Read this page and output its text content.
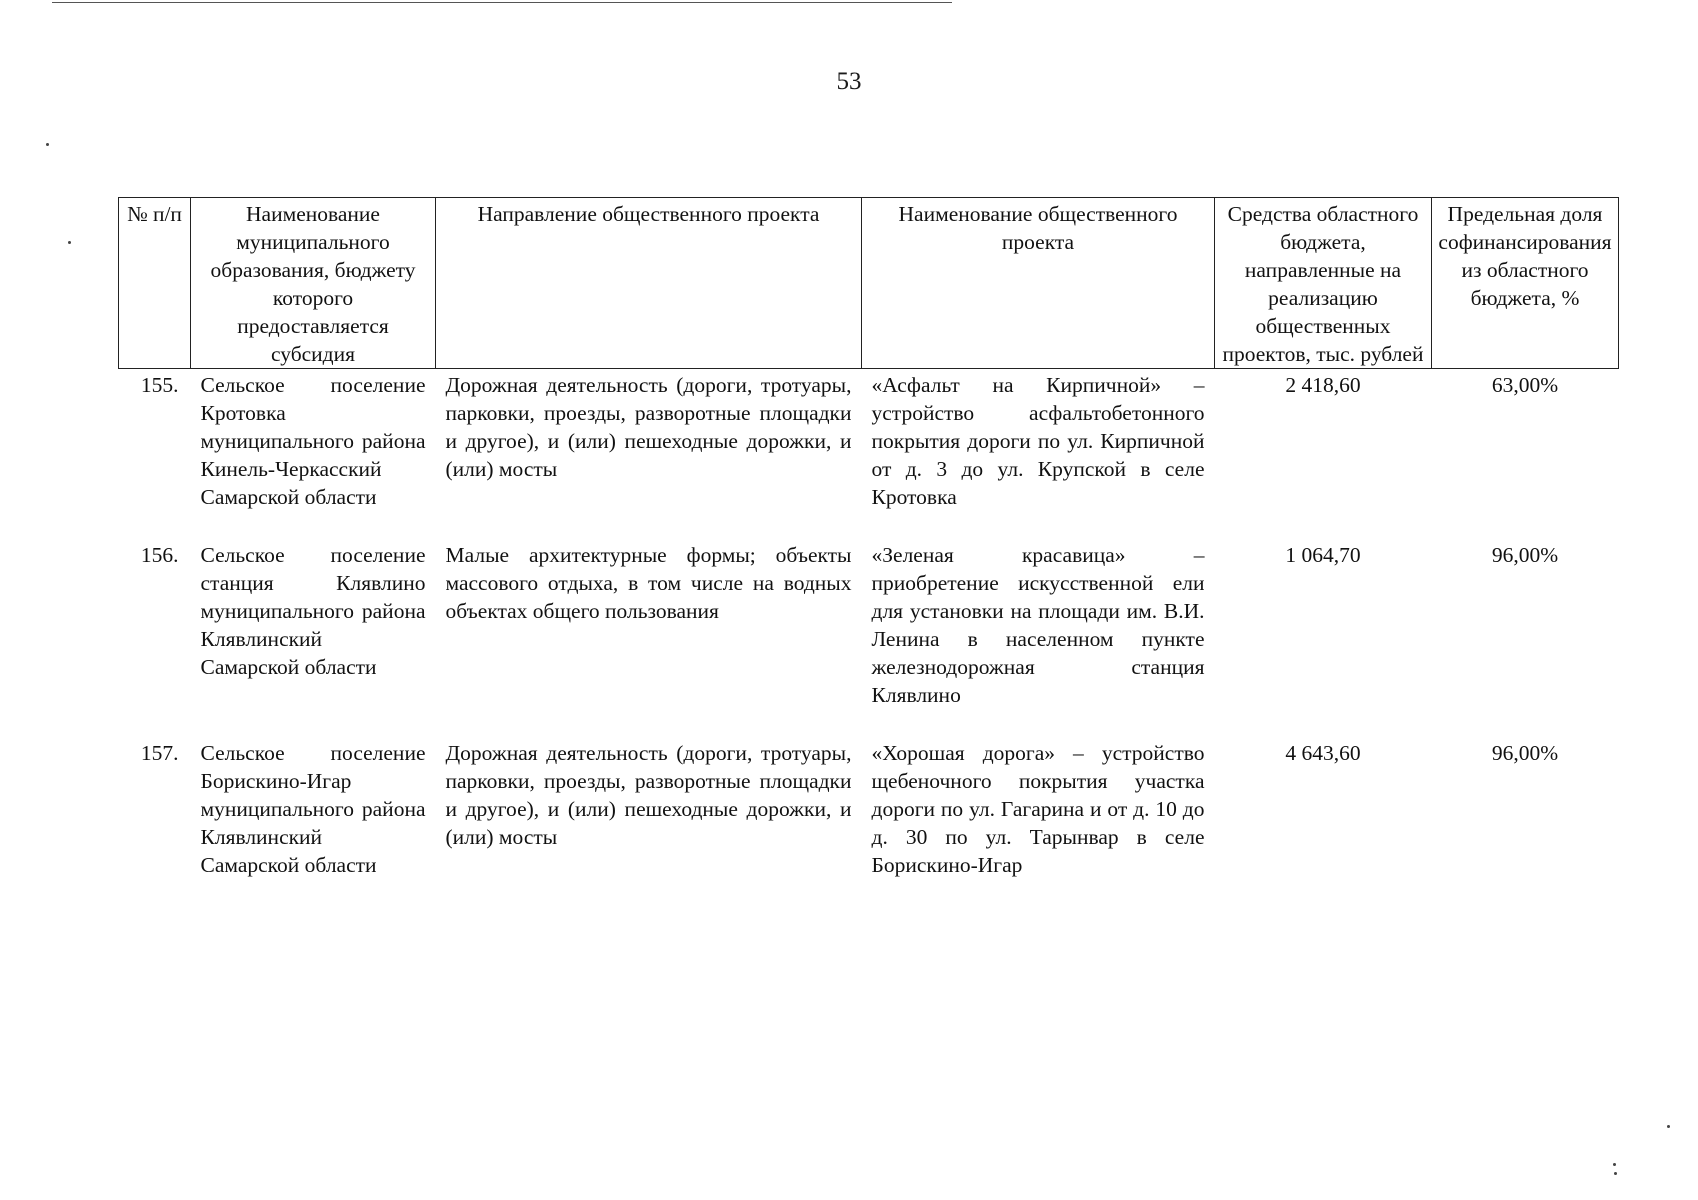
53
№ п/п	Наименование муниципального образования, бюджету которого предоставляется субсидия	Направление общественного проекта	Наименование общественного проекта	Средства областного бюджета, направленные на реализацию общественных проектов, тыс. рублей	Предельная доля софинансирования из областного бюджета, %
155.	Сельское поселение Кротовка муниципального района Кинель-Черкасский Самарской области	Дорожная деятельность (дороги, тротуары, парковки, проезды, разворотные площадки и другое), и (или) пешеходные дорожки, и (или) мосты	«Асфальт на Кирпичной» – устройство асфальтобетонного покрытия дороги по ул. Кирпичной от д. 3 до ул. Крупской в селе Кротовка	2 418,60	63,00%
156.	Сельское поселение станция Клявлино муниципального района Клявлинский Самарской области	Малые архитектурные формы; объекты массового отдыха, в том числе на водных объектах общего пользования	«Зеленая красавица» – приобретение искусственной ели для установки на площади им. В.И. Ленина в населенном пункте железнодорожная станция Клявлино	1 064,70	96,00%
157.	Сельское поселение Борискино-Игар муниципального района Клявлинский Самарской области	Дорожная деятельность (дороги, тротуары, парковки, проезды, разворотные площадки и другое), и (или) пешеходные дорожки, и (или) мосты	«Хорошая дорога» – устройство щебеночного покрытия участка дороги по ул. Гагарина и от д. 10 до д. 30 по ул. Тарынвар в селе Борискино-Игар	4 643,60	96,00%
